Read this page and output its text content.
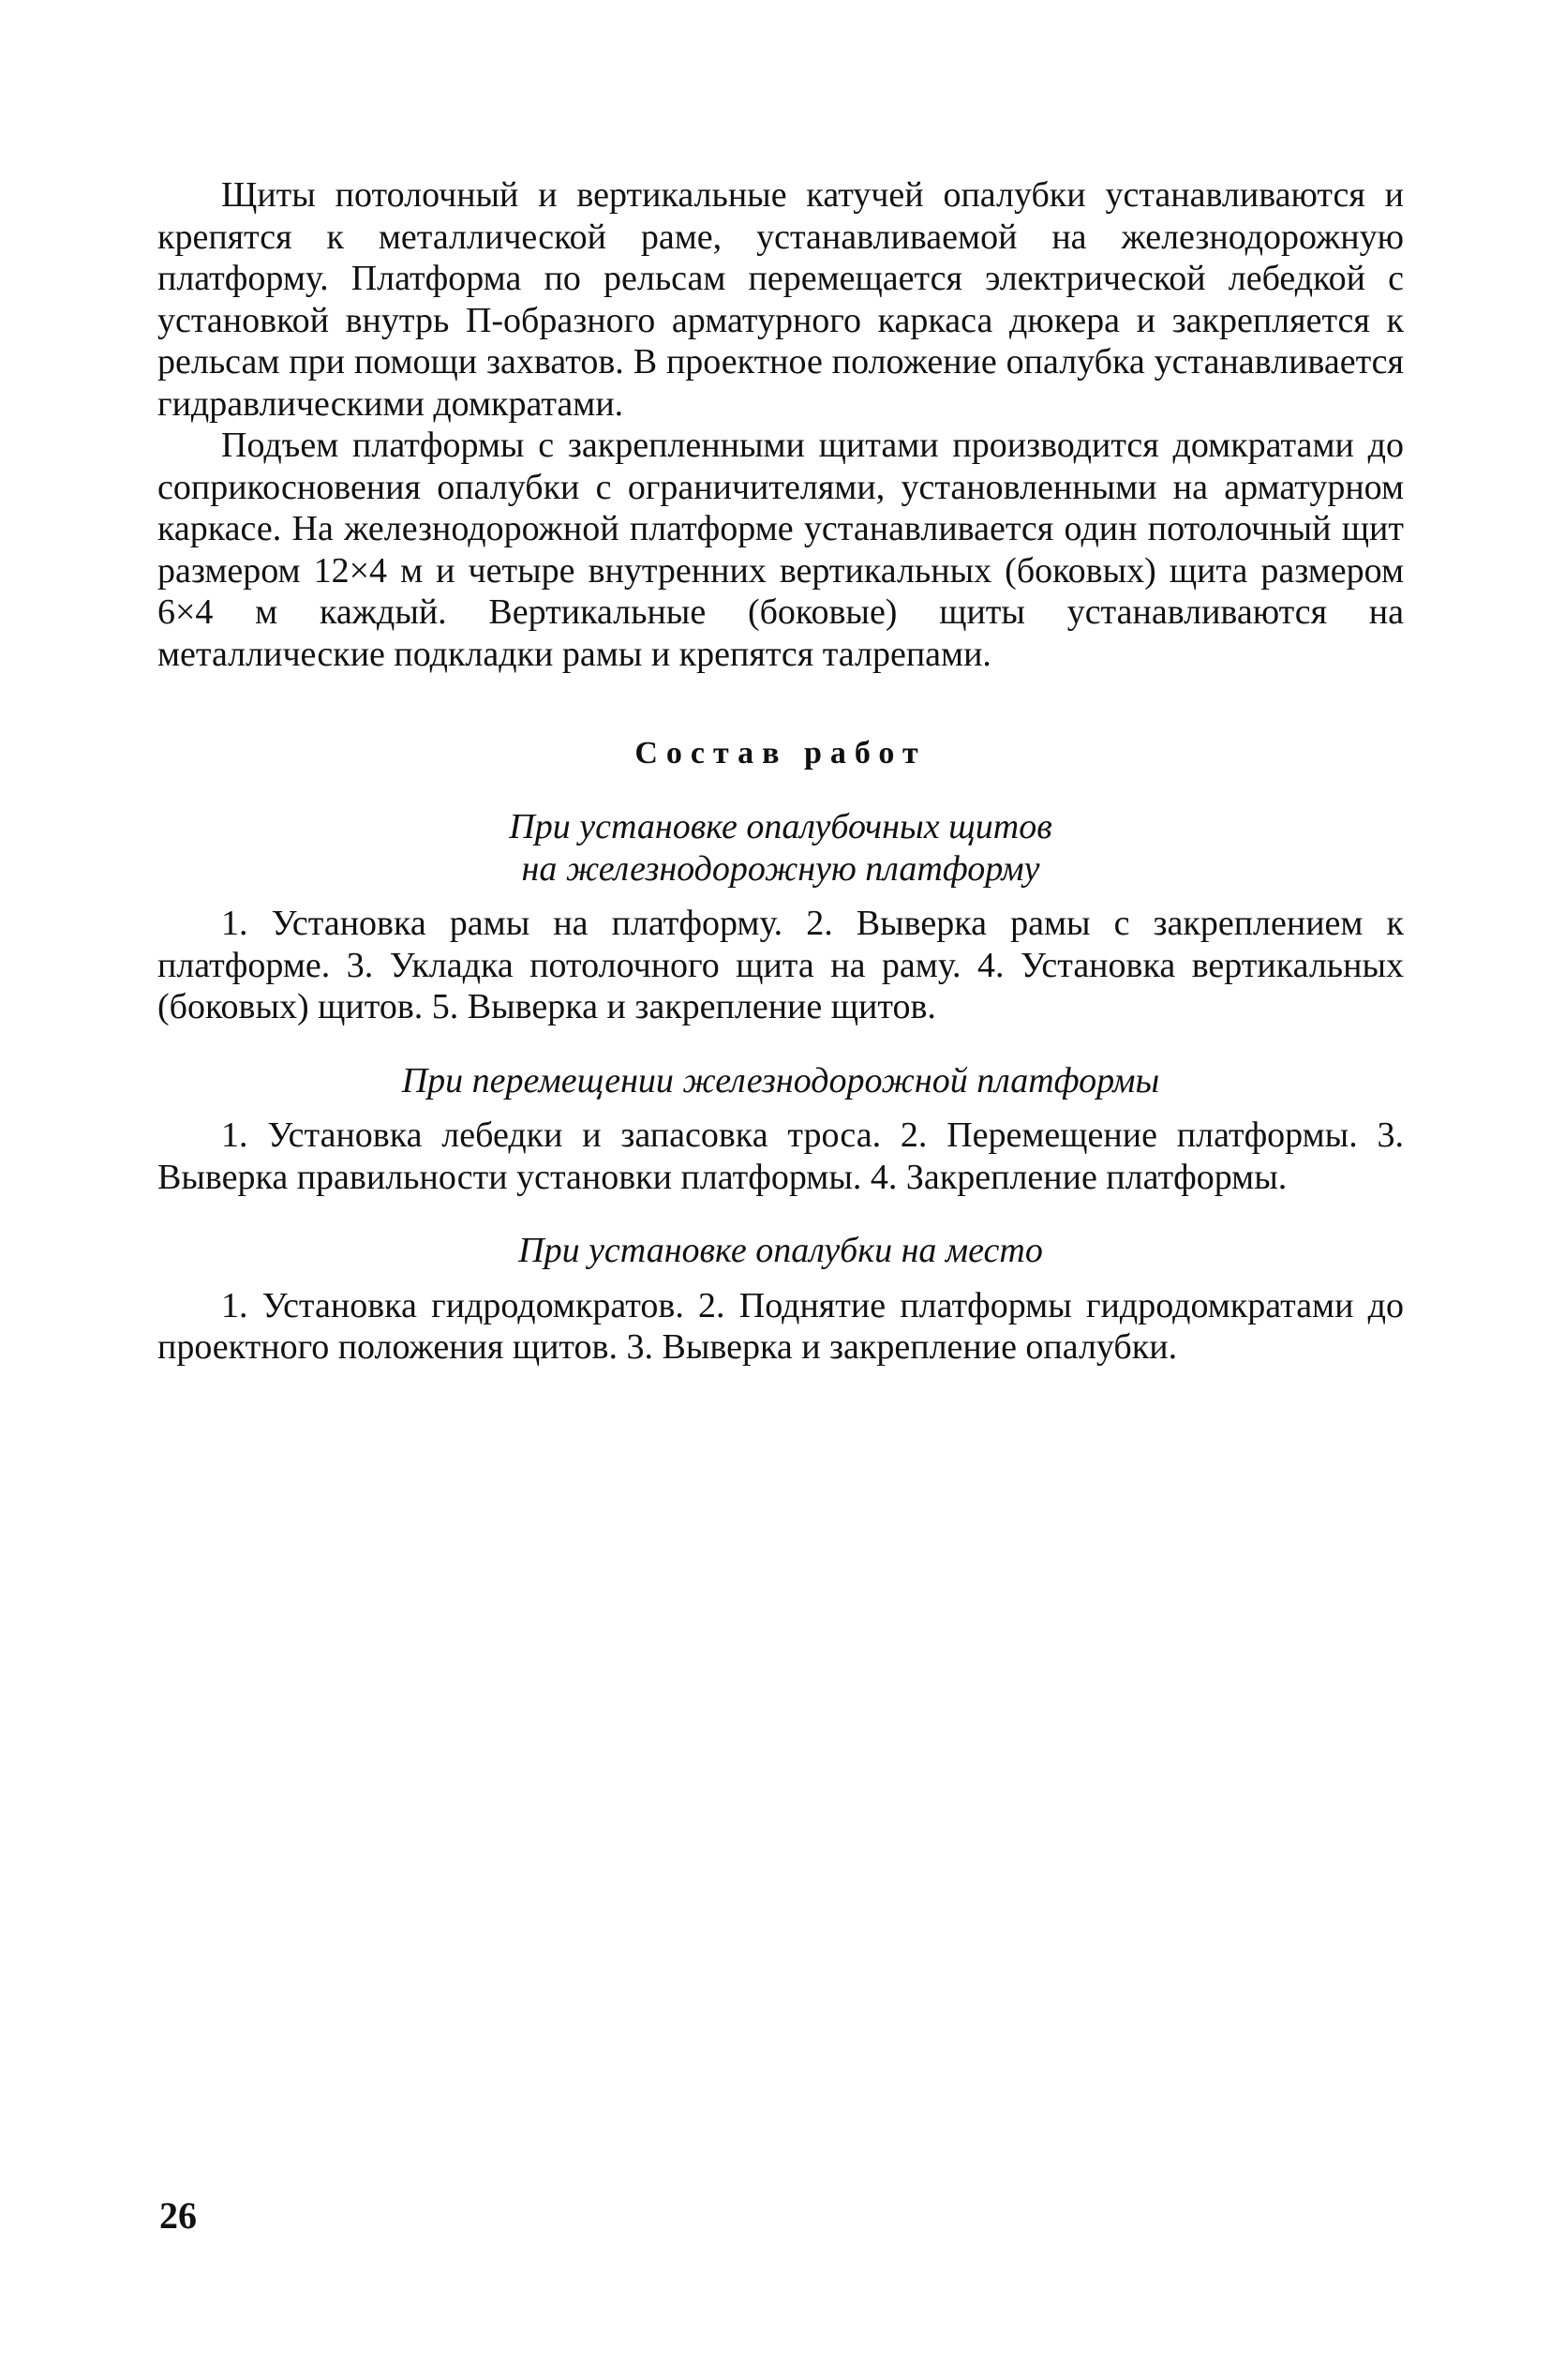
Щиты потолочный и вертикальные катучей опалубки устанавливаются и крепятся к металлической раме, устанавливаемой на железнодорожную платформу. Платформа по рельсам перемещается электрической лебедкой с установкой внутрь П-образного арматурного каркаса дюкера и закрепляется к рельсам при помощи захватов. В проектное положение опалубка устанавливается гидравлическими домкратами.

Подъем платформы с закрепленными щитами производится домкратами до соприкосновения опалубки с ограничителями, установленными на арматурном каркасе. На железнодорожной платформе устанавливается один потолочный щит размером 12×4 м и четыре внутренних вертикальных (боковых) щита размером 6×4 м каждый. Вертикальные (боковые) щиты устанавливаются на металлические подкладки рамы и крепятся талрепами.

Состав работ
При установке опалубочных щитов
на железнодорожную платформу

1. Установка рамы на платформу. 2. Выверка рамы с закреплением к платформе. 3. Укладка потолочного щита на раму. 4. Установка вертикальных (боковых) щитов. 5. Выверка и закрепление щитов.

При перемещении железнодорожной платформы

1. Установка лебедки и запасовка троса. 2. Перемещение платформы. 3. Выверка правильности установки платформы. 4. Закрепление платформы.

При установке опалубки на место

1. Установка гидродомкратов. 2. Поднятие платформы гидродомкратами до проектного положения щитов. 3. Выверка и закрепление опалубки.

26
